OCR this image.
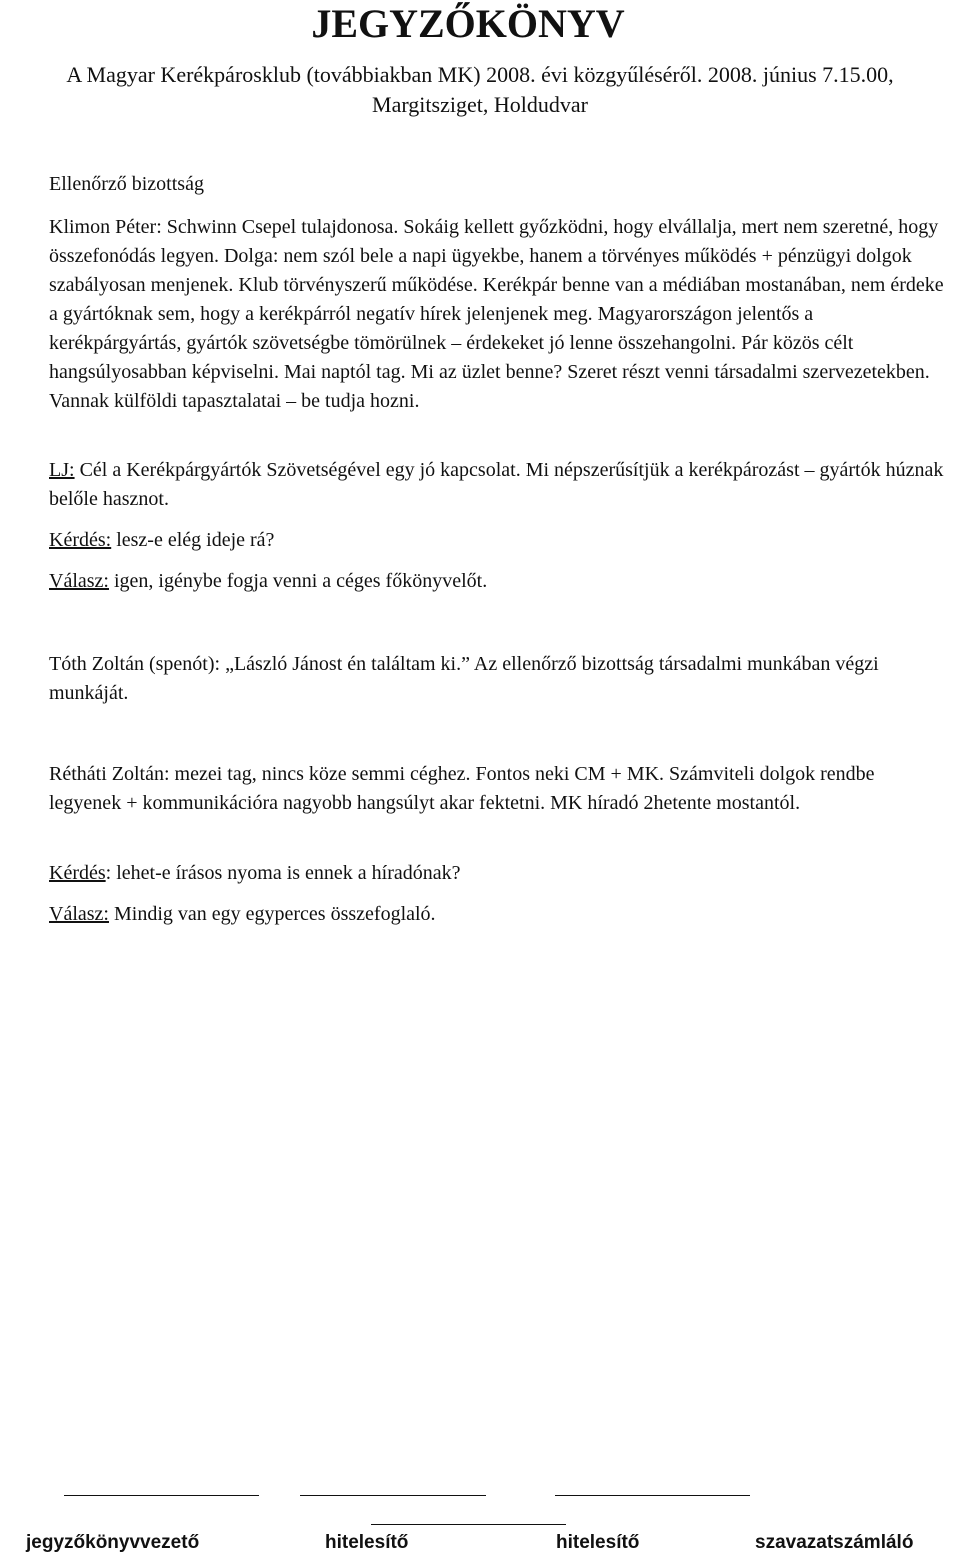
JEGYZŐKÖNYV
A Magyar Kerékpárosklub (továbbiakban MK) 2008. évi közgyűléséről. 2008. június 7.15.00,
Margitsziget, Holdudvar

Ellenőrző bizottság

Klimon Péter: Schwinn Csepel tulajdonosa. Sokáig kellett győzködni, hogy elvállalja, mert nem szeretné, hogy összefonódás legyen. Dolga: nem szól bele a napi ügyekbe, hanem a törvényes működés + pénzügyi dolgok szabályosan menjenek. Klub törvényszerű működése. Kerékpár benne van a médiában mostanában, nem érdeke a gyártóknak sem, hogy a kerékpárról negatív hírek jelenjenek meg. Magyarországon jelentős a kerékpárgyártás, gyártók szövetségbe tömörülnek – érdekeket jó lenne összehangolni. Pár közös célt hangsúlyosabban képviselni. Mai naptól tag. Mi az üzlet benne? Szeret részt venni társadalmi szervezetekben. Vannak külföldi tapasztalatai – be tudja hozni.

LJ: Cél a Kerékpárgyártók Szövetségével egy jó kapcsolat. Mi népszerűsítjük a kerékpározást – gyártók húznak belőle hasznot.

Kérdés: lesz-e elég ideje rá?

Válasz: igen, igénybe fogja venni a céges főkönyvelőt.

Tóth Zoltán (spenót): „László Jánost én találtam ki.” Az ellenőrző bizottság társadalmi munkában végzi munkáját.

Rétháti Zoltán: mezei tag, nincs köze semmi céghez. Fontos neki CM + MK. Számviteli dolgok rendbe legyenek + kommunikációra nagyobb hangsúlyt akar fektetni. MK híradó 2hetente mostantól.

Kérdés: lehet-e írásos nyoma is ennek a híradónak?

Válasz: Mindig van egy egyperces összefoglaló.

jegyzőkönyvvezető	hitelesítő	hitelesítő	szavazatszámláló
